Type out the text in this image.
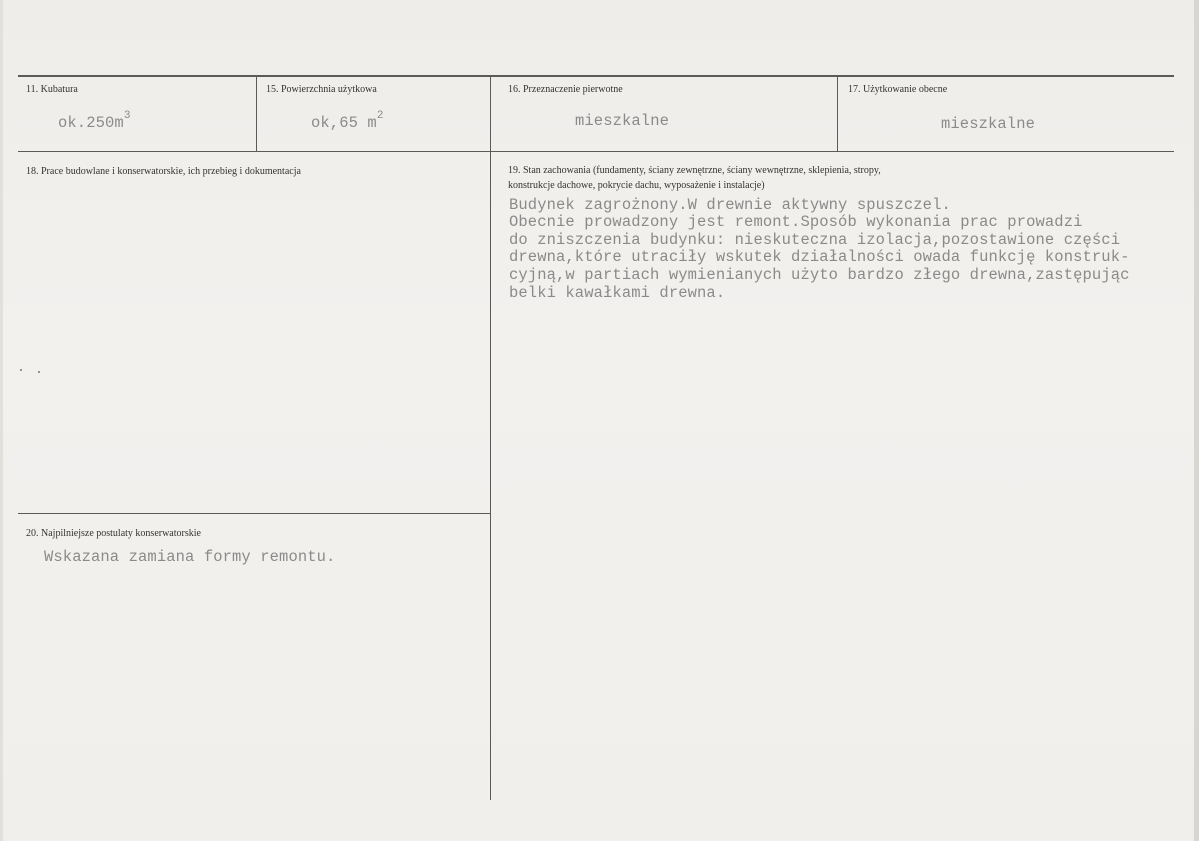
11. Kubatura
$ok.250m^3$
15. Powierzchnia użytkowa
ok,65 $m^2$
16. Przeznaczenie pierwotne
mieszkalne
17. Użytkowanie obecne
mieszkalne
18. Prace budowlane i konserwatorskie, ich przebieg i dokumentacja	19. Stan zachowania (fundamenty, ściany zewnętrzne, ściany wewnętrzne, sklepienia, stropy,
konstrukcje dachowe, pokrycie dachu, wyposażenie i instalacje)
Budynek zagrożnony.W drewnie aktywny spuszczel.
Obecnie prowadzony jest remont.Sposób wykonania prac prowadzi
do zniszczenia budynku: nieskuteczna izolacja,pozostawione części
drewna,które utraciły wskutek działalności owada funkcję konstruk-
cyjną,w partiach wymienianych użyto bardzo złego drewna,zastępując
belki kawałkami drewna.
20. Najpilniejsze postulaty konserwatorskie
Wskazana zamiana formy remontu.
